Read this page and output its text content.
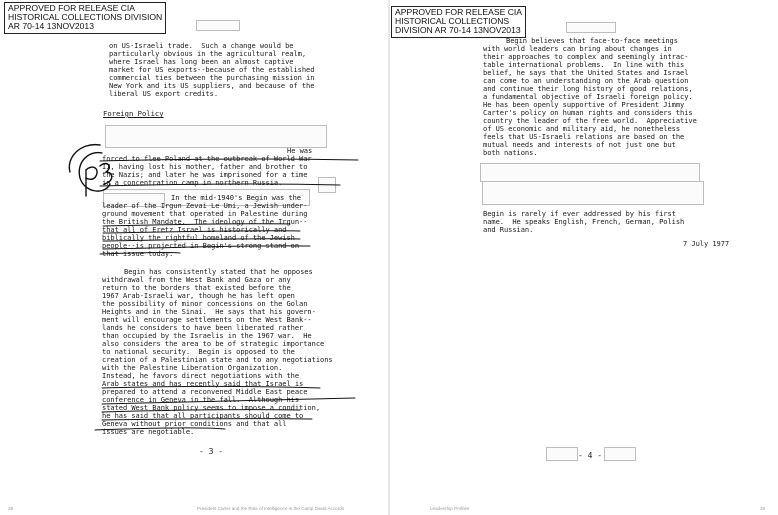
APPROVED FOR RELEASE CIA
HISTORICAL COLLECTIONS DIVISION
AR 70-14 13NOV2013
on US-Israeli trade.  Such a change would be
particularly obvious in the agricultural realm,
where Israel has long been an almost captive
market for US exports--because of the established
commercial ties between the purchasing mission in
New York and its US suppliers, and because of the
liberal US export credits.
Foreign Policy
He was
forced to flee Poland at the outbreak of World War
II, having lost his mother, father and brother to
the Nazis; and later he was imprisoned for a time
in a concentration camp in northern Russia.
In the mid-1940's Begin was the
leader of the Irgun Zevai Le Umi, a Jewish under-
ground movement that operated in Palestine during
the British Mandate.  The ideology of the Irgun--
that all of Eretz Israel is historically and
biblically the rightful homeland of the Jewish
people--is projected in Begin's strong stand on
that issue today.
Begin has consistently stated that he opposes
withdrawal from the West Bank and Gaza or any
return to the borders that existed before the
1967 Arab-Israeli war, though he has left open
the possibility of minor concessions on the Golan
Heights and in the Sinai.  He says that his govern-
ment will encourage settlements on the West Bank--
lands he considers to have been liberated rather
than occupied by the Israelis in the 1967 war.  He
also considers the area to be of strategic importance
to national security.  Begin is opposed to the
creation of a Palestinian state and to any negotiations
with the Palestine Liberation Organization.
Instead, he favors direct negotiations with the
Arab states and has recently said that Israel is
prepared to attend a reconvened Middle East peace
conference in Geneva in the fall.  Although his
stated West Bank policy seems to impose a condition,
he has said that all participants should come to
Geneva without prior conditions and that all
issues are negotiable.
- 3 -
APPROVED FOR RELEASE CIA
HISTORICAL COLLECTIONS
DIVISION AR 70-14 13NOV2013
Begin believes that face-to-face meetings
with world leaders can bring about changes in
their approaches to complex and seemingly intrac-
table international problems.  In line with this
belief, he says that the United States and Israel
can come to an understanding on the Arab question
and continue their long history of good relations,
a fundamental objective of Israeli foreign policy.
He has been openly supportive of President Jimmy
Carter's policy on human rights and considers this
country the leader of the free world.  Appreciative
of US economic and military aid, he nonetheless
feels that US-Israeli relations are based on the
mutual needs and interests of not just one but
both nations.
Begin is rarely if ever addressed by his first
name.  He speaks English, French, German, Polish
and Russian.
7 July 1977
- 4 -
28	President Carter and the Role of Intelligence in the Camp David Accords	Leadership Profiles	29
